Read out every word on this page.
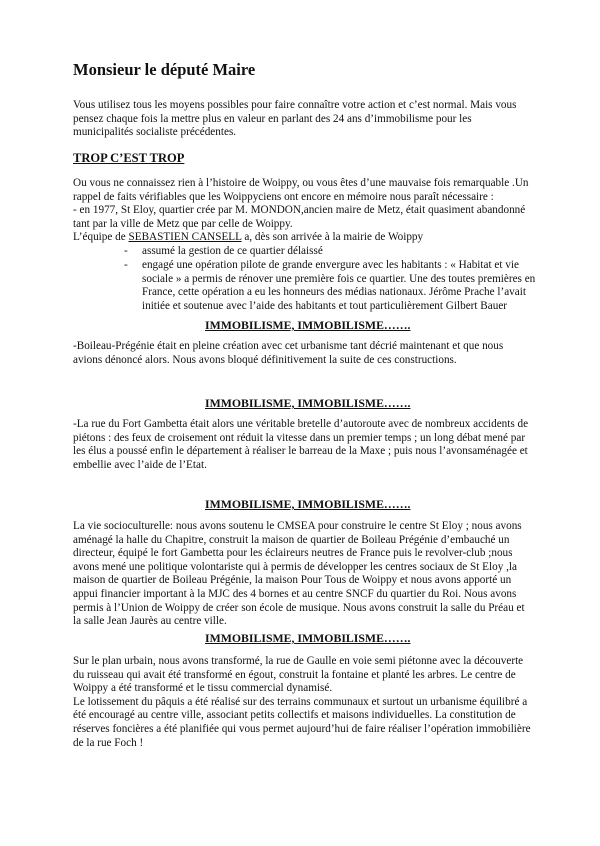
Monsieur le député Maire

Vous utilisez tous les moyens possibles pour faire connaître votre action et c’est normal. Mais vous
pensez chaque fois la mettre plus en valeur en parlant des 24 ans d’immobilisme pour les
municipalités socialiste précédentes.

TROP C’EST TROP

Ou vous ne connaissez rien à l’histoire de Woippy, ou vous êtes d’une mauvaise fois remarquable .Un
rappel de faits vérifiables que les Woippyciens ont encore en mémoire nous paraît nécessaire :
- en 1977, St Eloy, quartier crée par M. MONDON,ancien maire de Metz, était quasiment abandonné
tant par la ville de Metz que par celle de Woippy.
L’équipe de SEBASTIEN CANSELL a, dès son arrivée à la mairie de Woippy

- assumé la gestion de ce quartier délaissé
- engagé une opération pilote de grande envergure avec les habitants : « Habitat et vie
sociale » a permis de rénover une première fois ce quartier. Une des toutes premières en
France, cette opération a eu les honneurs des médias nationaux. Jérôme Prache l’avait
initiée et soutenue avec l’aide des habitants et tout particulièrement Gilbert Bauer
IMMOBILISME, IMMOBILISME…….

-Boileau-Prégénie était en pleine création avec cet urbanisme tant décrié maintenant et que nous
avions dénoncé alors. Nous avons bloqué définitivement la suite de ces constructions.

IMMOBILISME, IMMOBILISME…….

-La rue du Fort Gambetta était alors une véritable bretelle d’autoroute avec de nombreux accidents de
piétons : des feux de croisement ont réduit la vitesse dans un premier temps ; un long débat mené par
les élus a poussé enfin le département à réaliser le barreau de la Maxe ; puis nous l’avonsaménagée et
embellie avec l’aide de l’Etat.

IMMOBILISME, IMMOBILISME…….

La vie socioculturelle: nous avons soutenu le CMSEA pour construire le centre St Eloy ; nous avons
aménagé la halle du Chapitre, construit la maison de quartier de Boileau Prégénie d’embauché un
directeur, équipé le fort Gambetta pour les éclaireurs neutres de France puis le revolver-club ;nous
avons mené une politique volontariste qui à permis de développer les centres sociaux de St Eloy ,la
maison de quartier de Boileau Prégénie, la maison Pour Tous de Woippy et nous avons apporté un
appui financier important à la MJC des 4 bornes et au centre SNCF du quartier du Roi. Nous avons
permis à l’Union de Woippy de créer son école de musique. Nous avons construit la salle du Préau et
la salle Jean Jaurès au centre ville.

IMMOBILISME, IMMOBILISME…….

Sur le plan urbain, nous avons transformé, la rue de Gaulle en voie semi piétonne avec la découverte
du ruisseau qui avait été transformé en égout, construit la fontaine et planté les arbres. Le centre de
Woippy a été transformé et le tissu commercial dynamisé.
Le lotissement du pâquis a été réalisé sur des terrains communaux et surtout un urbanisme équilibré a
été encouragé au centre ville, associant petits collectifs et maisons individuelles. La constitution de
réserves foncières a été planifiée qui vous permet aujourd’hui de faire réaliser l’opération immobilière
de la rue Foch !
